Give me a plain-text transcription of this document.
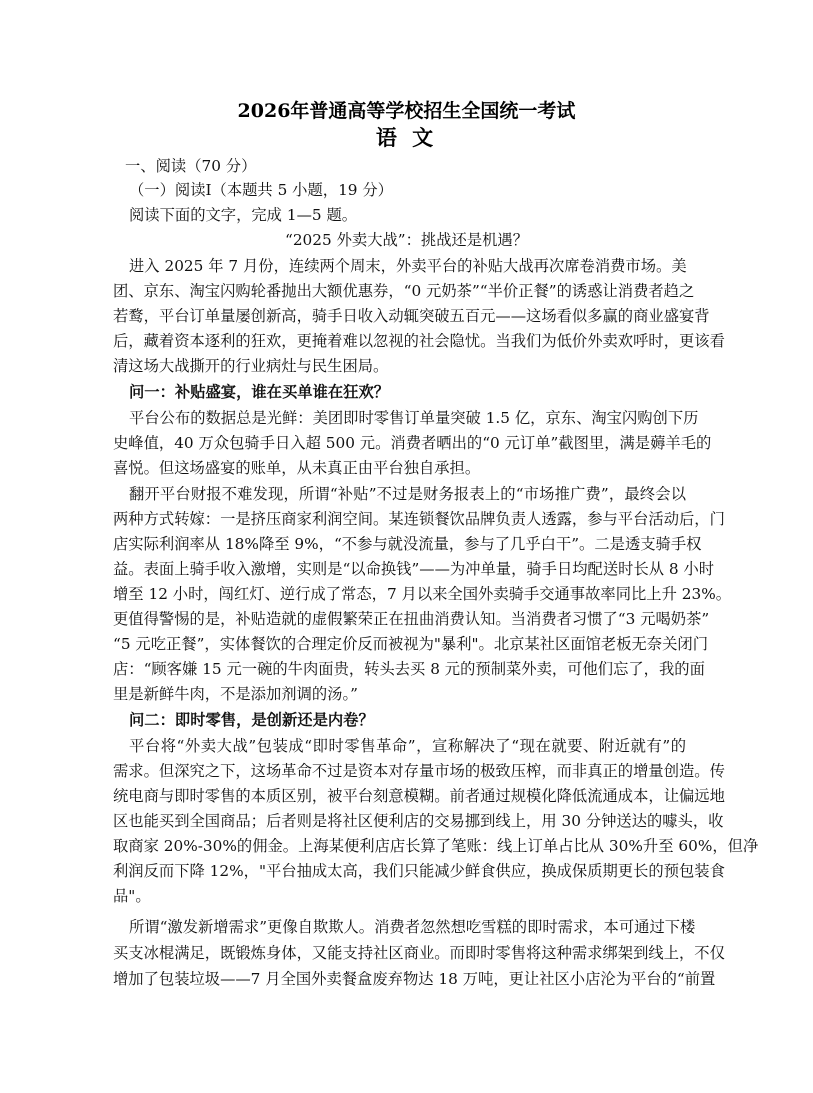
2026年普通高等学校招生全国统一考试
语 文
一、阅读（70 分）
（一）阅读Ⅰ（本题共 5 小题，19 分）
阅读下面的文字，完成 1—5 题。
“2025 外卖大战”：挑战还是机遇？
进入 2025 年 7 月份，连续两个周末，外卖平台的补贴大战再次席卷消费市场。美
团、京东、淘宝闪购轮番抛出大额优惠券，“0 元奶茶”“半价正餐”的诱惑让消费者趋之
若鹜，平台订单量屡创新高，骑手日收入动辄突破五百元——这场看似多赢的商业盛宴背
后，藏着资本逐利的狂欢，更掩着难以忽视的社会隐忧。当我们为低价外卖欢呼时，更该看
清这场大战撕开的行业病灶与民生困局。
问一：补贴盛宴，谁在买单谁在狂欢？
平台公布的数据总是光鲜：美团即时零售订单量突破 1.5 亿，京东、淘宝闪购创下历
史峰值，40 万众包骑手日入超 500 元。消费者晒出的“0 元订单”截图里，满是薅羊毛的
喜悦。但这场盛宴的账单，从未真正由平台独自承担。
翻开平台财报不难发现，所谓“补贴”不过是财务报表上的“市场推广费”，最终会以
两种方式转嫁：一是挤压商家利润空间。某连锁餐饮品牌负责人透露，参与平台活动后，门
店实际利润率从 18%降至 9%，“不参与就没流量，参与了几乎白干”。二是透支骑手权
益。表面上骑手收入激增，实则是“以命换钱”——为冲单量，骑手日均配送时长从 8 小时
增至 12 小时，闯红灯、逆行成了常态，7 月以来全国外卖骑手交通事故率同比上升 23%。
更值得警惕的是，补贴造就的虚假繁荣正在扭曲消费认知。当消费者习惯了“3 元喝奶茶”
“5 元吃正餐”，实体餐饮的合理定价反而被视为"暴利"。北京某社区面馆老板无奈关闭门
店：“顾客嫌 15 元一碗的牛肉面贵，转头去买 8 元的预制菜外卖，可他们忘了，我的面
里是新鲜牛肉，不是添加剂调的汤。”
问二：即时零售，是创新还是内卷？
平台将“外卖大战”包装成“即时零售革命”，宣称解决了“现在就要、附近就有”的
需求。但深究之下，这场革命不过是资本对存量市场的极致压榨，而非真正的增量创造。传
统电商与即时零售的本质区别，被平台刻意模糊。前者通过规模化降低流通成本，让偏远地
区也能买到全国商品；后者则是将社区便利店的交易挪到线上，用 30 分钟送达的噱头，收
取商家 20%-30%的佣金。上海某便利店店长算了笔账：线上订单占比从 30%升至 60%，但净
利润反而下降 12%，"平台抽成太高，我们只能减少鲜食供应，换成保质期更长的预包装食
品"。
所谓“激发新增需求”更像自欺欺人。消费者忽然想吃雪糕的即时需求，本可通过下楼
买支冰棍满足，既锻炼身体，又能支持社区商业。而即时零售将这种需求绑架到线上，不仅
增加了包装垃圾——7 月全国外卖餐盒废弃物达 18 万吨，更让社区小店沦为平台的“前置
